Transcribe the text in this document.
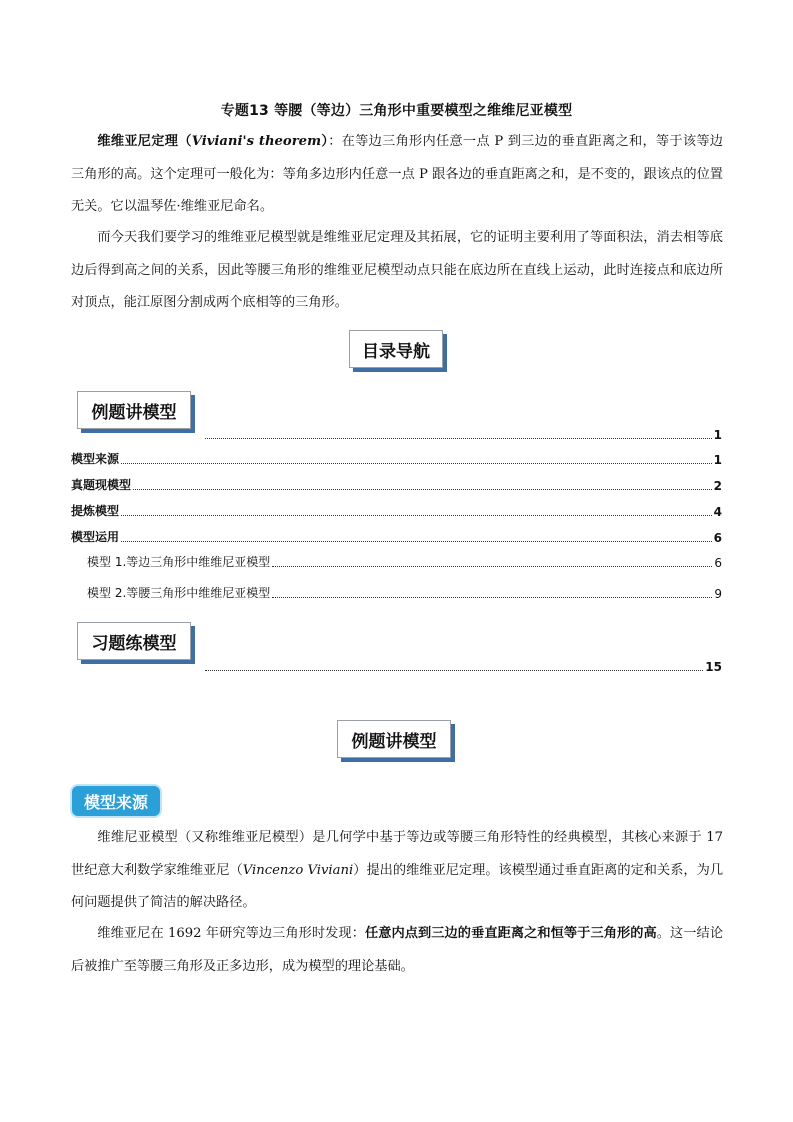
专题13 等腰（等边）三角形中重要模型之维维尼亚模型
维维亚尼定理（Viviani's theorem）：在等边三角形内任意一点 P 到三边的垂直距离之和，等于该等边三角形的高。这个定理可一般化为：等角多边形内任意一点 P 跟各边的垂直距离之和，是不变的，跟该点的位置无关。它以温琴佐·维维亚尼命名。
而今天我们要学习的维维亚尼模型就是维维亚尼定理及其拓展，它的证明主要利用了等面积法，消去相等底边后得到高之间的关系，因此等腰三角形的维维亚尼模型动点只能在底边所在直线上运动，此时连接点和底边所对顶点，能江原图分割成两个底相等的三角形。
目录导航
例题讲模型
1
模型来源	1
真题现模型	2
提炼模型	4
模型运用	6
模型 1.等边三角形中维维尼亚模型	6
模型 2.等腰三角形中维维尼亚模型	9
习题练模型
15
例题讲模型
模型来源
维维尼亚模型（又称维维亚尼模型）是几何学中基于等边或等腰三角形特性的经典模型，其核心来源于 17 世纪意大利数学家维维亚尼（Vincenzo Viviani）提出的维维亚尼定理。该模型通过垂直距离的定和关系，为几何问题提供了简洁的解决路径。
维维亚尼在 1692 年研究等边三角形时发现：任意内点到三边的垂直距离之和恒等于三角形的高。这一结论后被推广至等腰三角形及正多边形，成为模型的理论基础。
